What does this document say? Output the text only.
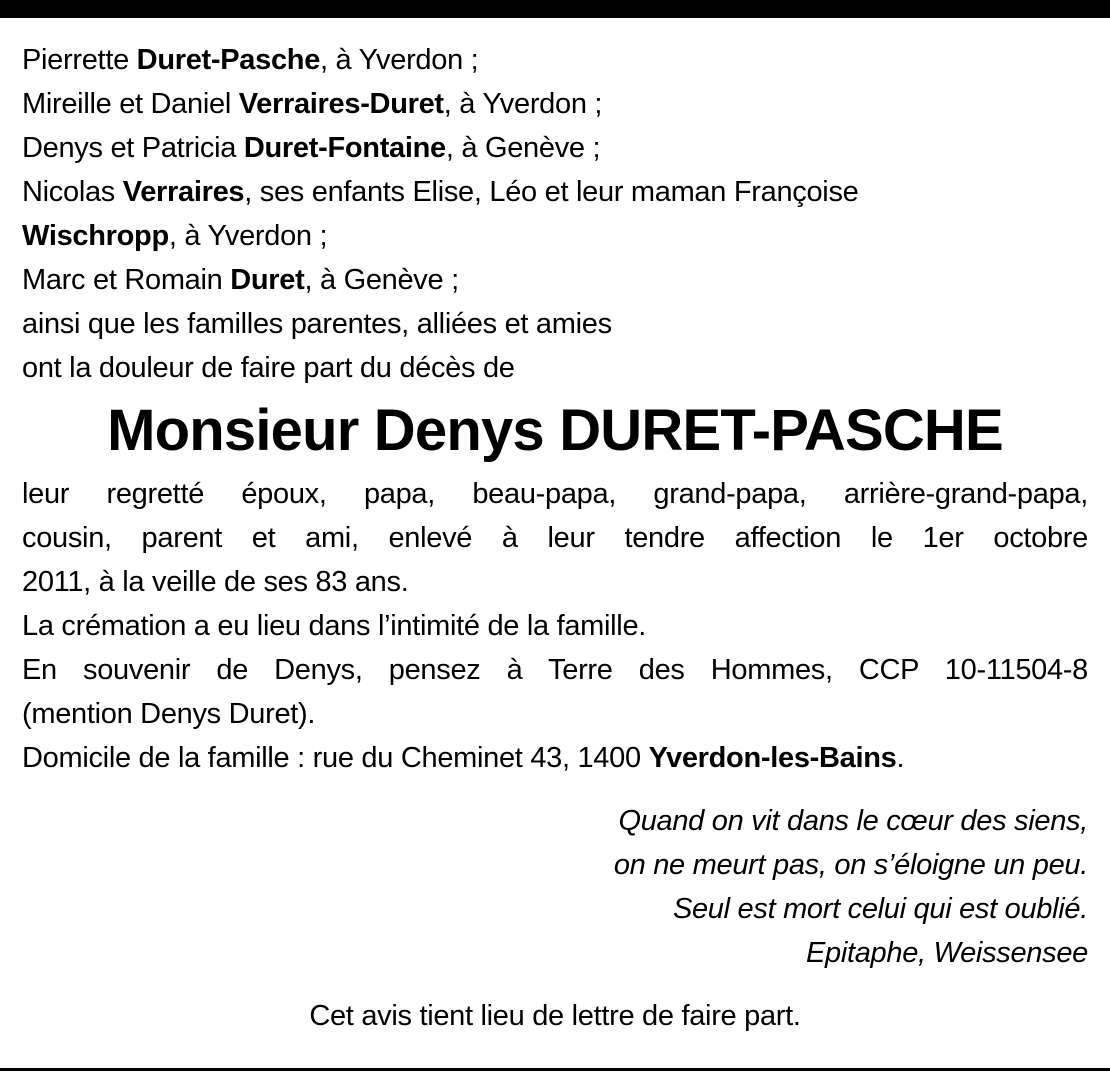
Pierrette Duret-Pasche, à Yverdon ;
Mireille et Daniel Verraires-Duret, à Yverdon ;
Denys et Patricia Duret-Fontaine, à Genève ;
Nicolas Verraires, ses enfants Elise, Léo et leur maman Françoise
Wischropp, à Yverdon ;
Marc et Romain Duret, à Genève ;
ainsi que les familles parentes, alliées et amies
ont la douleur de faire part du décès de
Monsieur Denys DURET-PASCHE
leur regretté époux, papa, beau-papa, grand-papa, arrière-grand-papa,
cousin, parent et ami, enlevé à leur tendre affection le 1er octobre
2011, à la veille de ses 83 ans.
La crémation a eu lieu dans l’intimité de la famille.
En souvenir de Denys, pensez à Terre des Hommes, CCP 10-11504-8
(mention Denys Duret).
Domicile de la famille : rue du Cheminet 43, 1400 Yverdon-les-Bains.
Quand on vit dans le cœur des siens,
on ne meurt pas, on s’éloigne un peu.
Seul est mort celui qui est oublié.
Epitaphe, Weissensee
Cet avis tient lieu de lettre de faire part.
